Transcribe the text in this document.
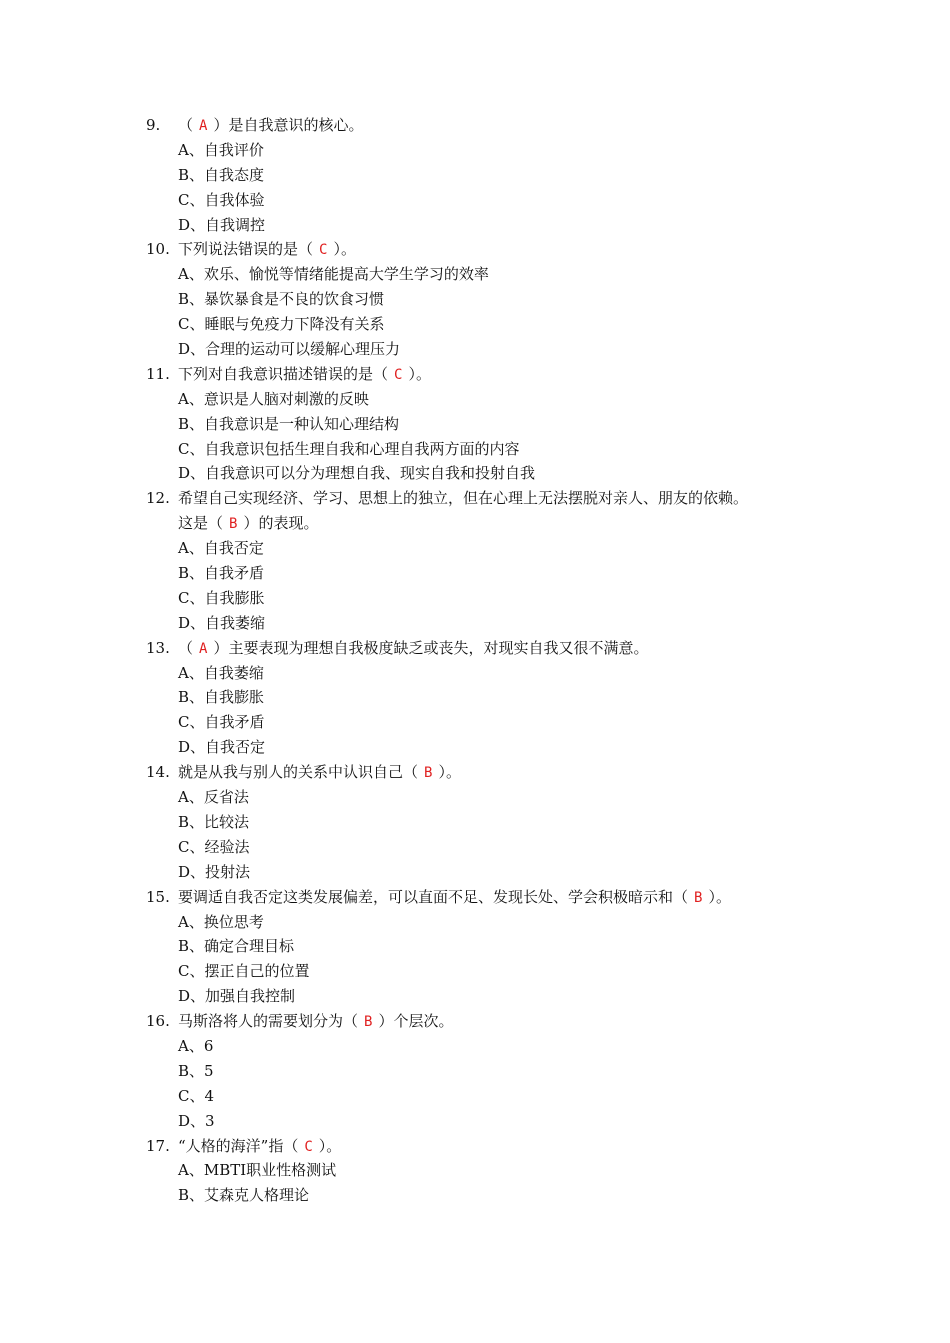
9. （ A ）是自我意识的核心。
A、自我评价
B、自我态度
C、自我体验
D、自我调控
10. 下列说法错误的是（ C ）。
A、欢乐、愉悦等情绪能提高大学生学习的效率
B、暴饮暴食是不良的饮食习惯
C、睡眠与免疫力下降没有关系
D、合理的运动可以缓解心理压力
11. 下列对自我意识描述错误的是（ C ）。
A、意识是人脑对刺激的反映
B、自我意识是一种认知心理结构
C、自我意识包括生理自我和心理自我两方面的内容
D、自我意识可以分为理想自我、现实自我和投射自我
12. 希望自己实现经济、学习、思想上的独立，但在心理上无法摆脱对亲人、朋友的依赖。
这是（ B ）的表现。
A、自我否定
B、自我矛盾
C、自我膨胀
D、自我萎缩
13. （ A ）主要表现为理想自我极度缺乏或丧失，对现实自我又很不满意。
A、自我萎缩
B、自我膨胀
C、自我矛盾
D、自我否定
14. 就是从我与别人的关系中认识自己（ B ）。
A、反省法
B、比较法
C、经验法
D、投射法
15. 要调适自我否定这类发展偏差，可以直面不足、发现长处、学会积极暗示和（ B ）。
A、换位思考
B、确定合理目标
C、摆正自己的位置
D、加强自我控制
16. 马斯洛将人的需要划分为（ B ）个层次。
A、6
B、5
C、4
D、3
17. “人格的海洋”指（ C ）。
A、MBTI职业性格测试
B、艾森克人格理论
